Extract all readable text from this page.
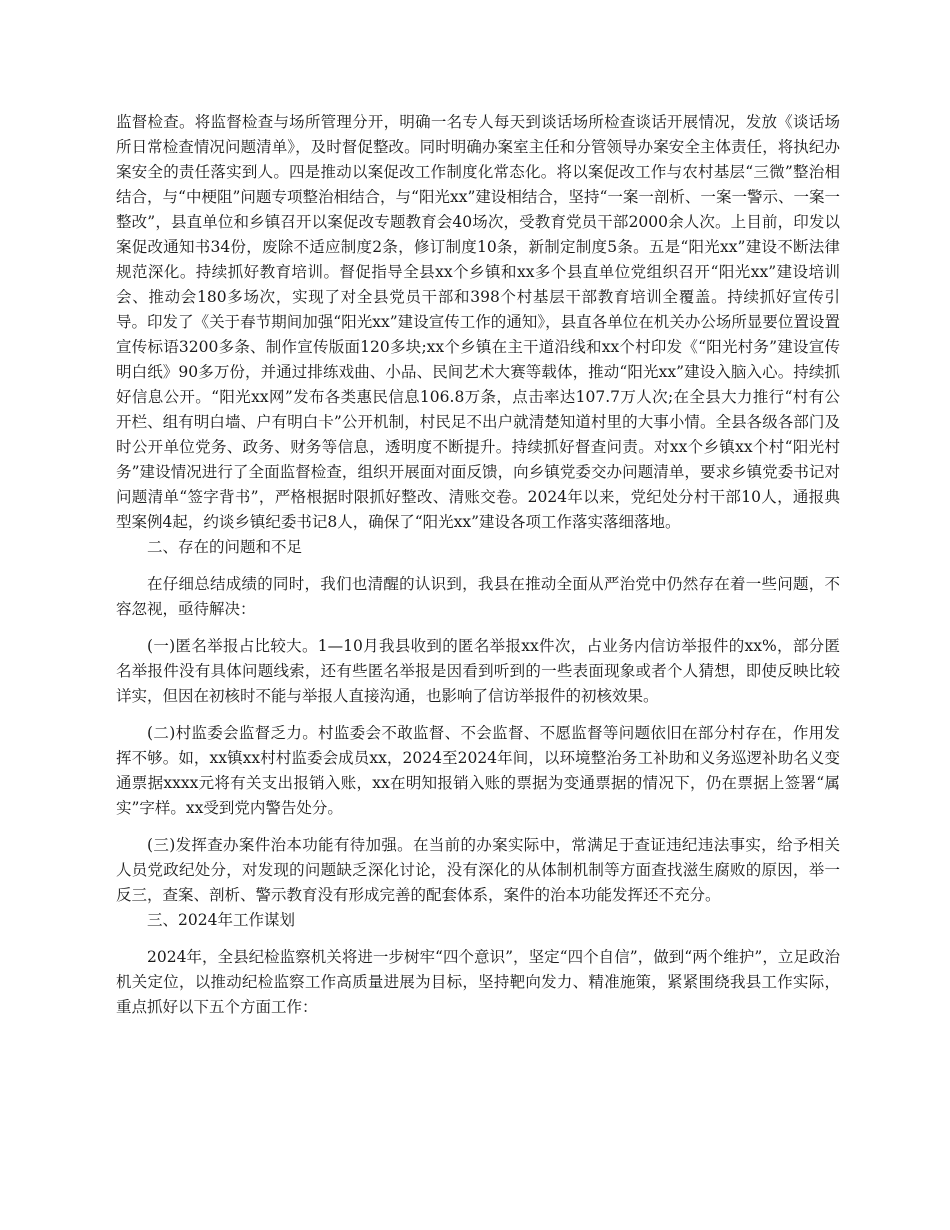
监督检查。将监督检查与场所管理分开，明确一名专人每天到谈话场所检查谈话开展情况，发放《谈话场所日常检查情况问题清单》，及时督促整改。同时明确办案室主任和分管领导办案安全主体责任，将执纪办案安全的责任落实到人。四是推动以案促改工作制度化常态化。将以案促改工作与农村基层“三微”整治相结合，与“中梗阻”问题专项整治相结合，与“阳光xx”建设相结合，坚持“一案一剖析、一案一警示、一案一整改”，县直单位和乡镇召开以案促改专题教育会40场次，受教育党员干部2000余人次。上目前，印发以案促改通知书34份，废除不适应制度2条，修订制度10条，新制定制度5条。五是“阳光xx”建设不断法律规范深化。持续抓好教育培训。督促指导全县xx个乡镇和xx多个县直单位党组织召开“阳光xx”建设培训会、推动会180多场次，实现了对全县党员干部和398个村基层干部教育培训全覆盖。持续抓好宣传引导。印发了《关于春节期间加强“阳光xx”建设宣传工作的通知》，县直各单位在机关办公场所显要位置设置宣传标语3200多条、制作宣传版面120多块;xx个乡镇在主干道沿线和xx个村印发《“阳光村务”建设宣传明白纸》90多万份，并通过排练戏曲、小品、民间艺术大赛等载体，推动“阳光xx”建设入脑入心。持续抓好信息公开。“阳光xx网”发布各类惠民信息106.8万条，点击率达107.7万人次;在全县大力推行“村有公开栏、组有明白墙、户有明白卡”公开机制，村民足不出户就清楚知道村里的大事小情。全县各级各部门及时公开单位党务、政务、财务等信息，透明度不断提升。持续抓好督查问责。对xx个乡镇xx个村“阳光村务”建设情况进行了全面监督检查，组织开展面对面反馈，向乡镇党委交办问题清单，要求乡镇党委书记对问题清单“签字背书”，严格根据时限抓好整改、清账交卷。2024年以来，党纪处分村干部10人，通报典型案例4起，约谈乡镇纪委书记8人，确保了“阳光xx”建设各项工作落实落细落地。

二、存在的问题和不足

在仔细总结成绩的同时，我们也清醒的认识到，我县在推动全面从严治党中仍然存在着一些问题，不容忽视，亟待解决：

(一)匿名举报占比较大。1—10月我县收到的匿名举报xx件次，占业务内信访举报件的xx%，部分匿名举报件没有具体问题线索，还有些匿名举报是因看到听到的一些表面现象或者个人猜想，即使反映比较详实，但因在初核时不能与举报人直接沟通，也影响了信访举报件的初核效果。

(二)村监委会监督乏力。村监委会不敢监督、不会监督、不愿监督等问题依旧在部分村存在，作用发挥不够。如，xx镇xx村村监委会成员xx，2024至2024年间，以环境整治务工补助和义务巡逻补助名义变通票据xxxx元将有关支出报销入账，xx在明知报销入账的票据为变通票据的情况下，仍在票据上签署“属实”字样。xx受到党内警告处分。

(三)发挥查办案件治本功能有待加强。在当前的办案实际中，常满足于查证违纪违法事实，给予相关人员党政纪处分，对发现的问题缺乏深化讨论，没有深化的从体制机制等方面查找滋生腐败的原因，举一反三，查案、剖析、警示教育没有形成完善的配套体系，案件的治本功能发挥还不充分。

三、2024年工作谋划

2024年，全县纪检监察机关将进一步树牢“四个意识”，坚定“四个自信”，做到“两个维护”，立足政治机关定位，以推动纪检监察工作高质量进展为目标，坚持靶向发力、精准施策，紧紧围绕我县工作实际，重点抓好以下五个方面工作：
